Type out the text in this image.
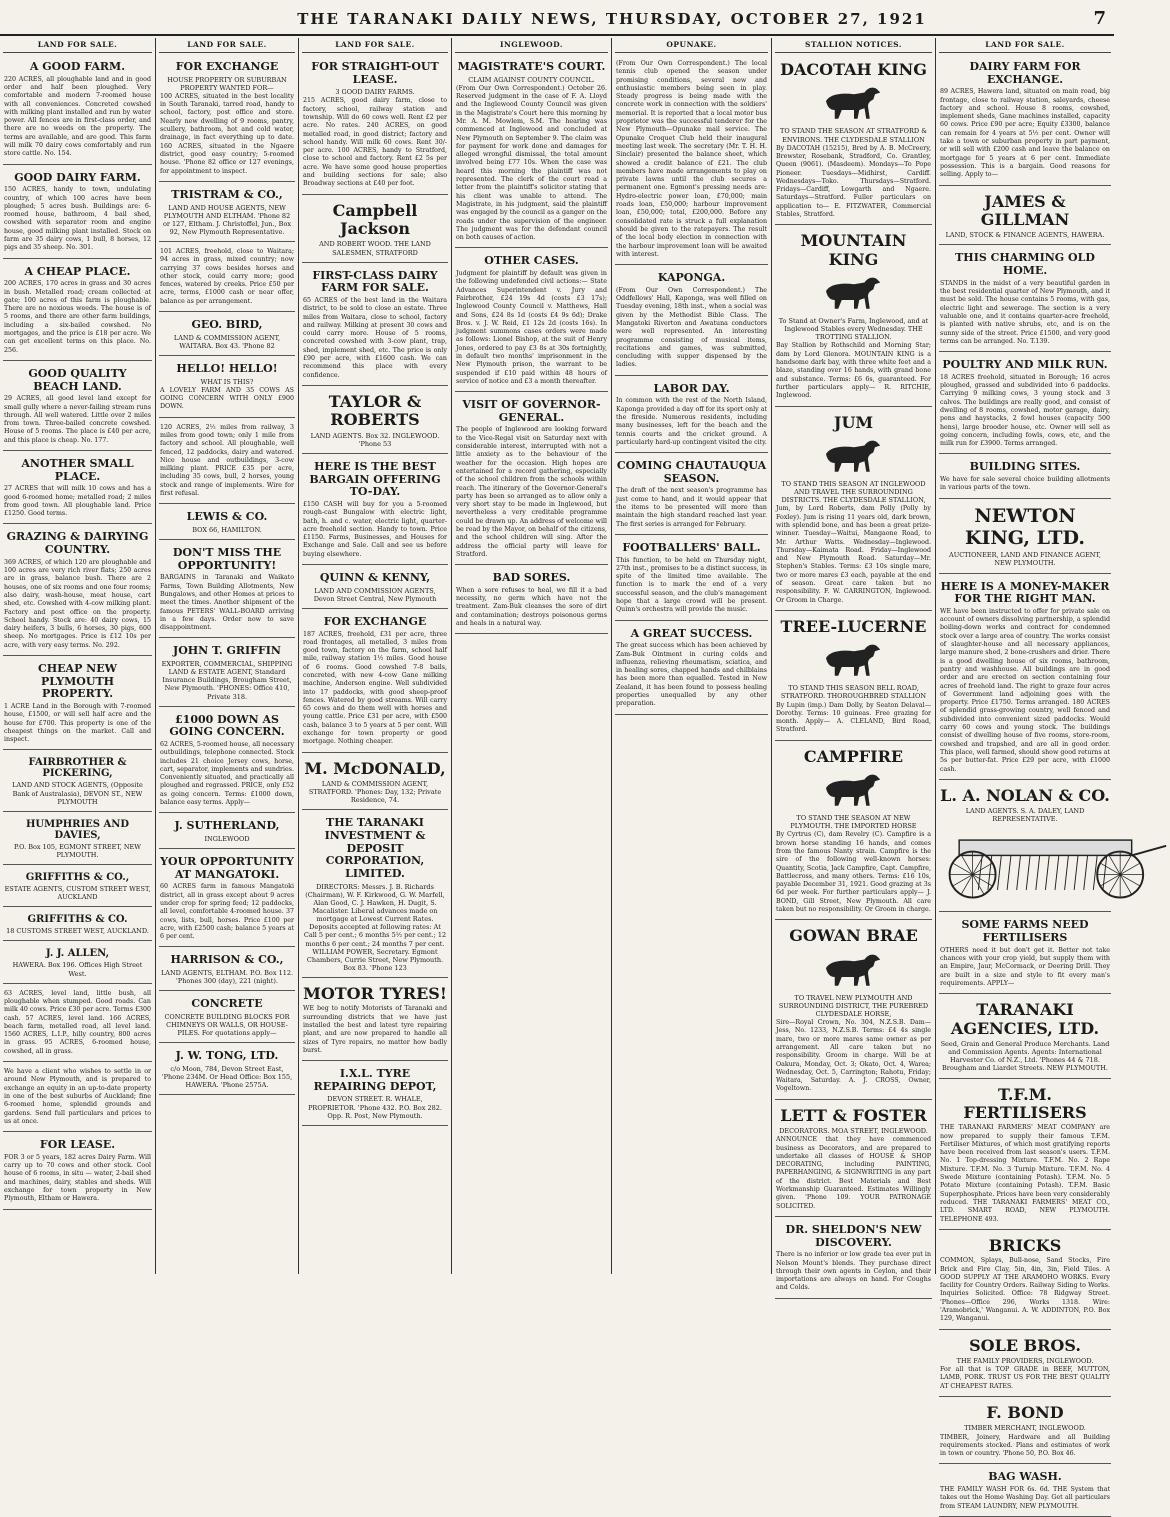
THE TARANAKI DAILY NEWS, THURSDAY, OCTOBER 27, 1921	7
LAND FOR SALE.
A GOOD FARM.
220 ACRES, all ploughable land and in good order and half been ploughed. Very comfortable and modern 7-roomed house with all conveniences. Concreted cowshed with milking plant installed and run by water power. All fences are in first-class order, and there are no weeds on the property. The terms are available, and are good. This farm will milk 70 dairy cows comfortably and run store cattle. No. 154.
GOOD DAIRY FARM.
150 ACRES, handy to town, undulating country, of which 100 acres have been ploughed; 5 acres bush. Buildings are: 6-roomed house, bathroom, 4 bail shed, cowshed with separator room and engine house, good milking plant installed. Stock on farm are 35 dairy cows, 1 bull, 8 horses, 12 pigs and 35 sheep. No. 301.
A CHEAP PLACE.
200 ACRES, 170 acres in grass and 30 acres in bush. Metalled road; cream collected at gate; 100 acres of this farm is ploughable. There are no noxious weeds. The house is of 5 rooms, and there are other farm buildings, including a six-bailed cowshed. No mortgages, and the price is £18 per acre. We can get excellent terms on this place. No. 256.
GOOD QUALITY BEACH LAND.
29 ACRES, all good level land except for small gully where a never-failing stream runs through. All well watered. Little over 2 miles from town. Three-bailed concrete cowshed. House of 5 rooms. The place is £40 per acre, and this place is cheap. No. 177.
ANOTHER SMALL PLACE.
27 ACRES that will milk 10 cows and has a good 6-roomed home; metalled road; 2 miles from good town. All ploughable land. Price £1250. Good terms.
GRAZING & DAIRYING COUNTRY.
369 ACRES, of which 120 are ploughable and 100 acres are very rich river flats; 250 acres are in grass, balance bush. There are 2 houses, one of six rooms and one four rooms; also dairy, wash-house, meat house, cart shed, etc. Cowshed with 4-cow milking plant. Factory and post office on the property. School handy. Stock are: 40 dairy cows, 15 dairy heifers, 3 bulls, 6 horses, 30 pigs, 600 sheep. No mortgages. Price is £12 10s per acre, with very easy terms. No. 292.
CHEAP NEW PLYMOUTH PROPERTY.
1 ACRE Land in the Borough with 7-roomed house, £1500, or will sell half acre and the house for £700. This property is one of the cheapest things on the market. Call and inspect.
FAIRBROTHER & PICKERING,
LAND AND STOCK AGENTS, (Opposite Bank of Australasia), DEVON ST., NEW PLYMOUTH
HUMPHRIES AND DAVIES,
P.O. Box 105, EGMONT STREET, NEW PLYMOUTH.
GRIFFITHS & CO.,
ESTATE AGENTS, CUSTOM STREET WEST, AUCKLAND
GRIFFITHS & CO.
18 CUSTOMS STREET WEST, AUCKLAND.
J. J. ALLEN,
HAWERA. Box 196. Offices High Street West.
63 ACRES, level land, little bush, all ploughable when stumped. Good roads. Can milk 40 cows. Price £30 per acre. Terms £300 cash. 57 ACRES, level land. 166 ACRES, beach farm, metalled road, all level land. 1560 ACRES, L.I.P., hilly country, 800 acres in grass. 95 ACRES, 6-roomed house, cowshed, all in grass.
We have a client who wishes to settle in or around New Plymouth, and is prepared to exchange an equity in an up-to-date property in one of the best suburbs of Auckland; fine 6-roomed home, splendid grounds and gardens. Send full particulars and prices to us at once.
FOR LEASE.
FOR 3 or 5 years, 182 acres Dairy Farm. Will carry up to 70 cows and other stock. Cool house of 6 rooms, in situ — water, 2-bail shed and machines, dairy, stables and sheds. Will exchange for town property in New Plymouth, Eltham or Hawera.
LAND FOR SALE.
FOR EXCHANGE
HOUSE PROPERTY OR SUBURBAN PROPERTY WANTED FOR—
100 ACRES, situated in the best locality in South Taranaki, tarred road, handy to school, factory, post office and store. Nearly new dwelling of 9 rooms, pantry, scullery, bathroom, hot and cold water, drainage, in fact everything up to date. 160 ACRES, situated in the Ngaere district, good easy country; 5-roomed house. 'Phone 82 office or 127 evenings, for appointment to inspect.
TRISTRAM & CO.,
LAND AND HOUSE AGENTS, NEW PLYMOUTH AND ELTHAM. 'Phone 82 or 127, Eltham. J. Christoffel, Jun., Box 92, New Plymouth Representative.
101 ACRES, freehold, close to Waitara; 94 acres in grass, mixed country; now carrying 37 cows besides horses and other stock, could carry more; good fences, watered by creeks. Price £50 per acre, terms, £1000 cash or near offer, balance as per arrangement.
GEO. BIRD,
LAND & COMMISSION AGENT, WAITARA. Box 43. 'Phone 82
HELLO! HELLO!
WHAT IS THIS?
A LOVELY FARM AND 35 COWS AS GOING CONCERN WITH ONLY £900 DOWN.
120 ACRES, 2½ miles from railway, 3 miles from good town; only 1 mile from factory and school. All ploughable, well fenced, 12 paddocks, dairy and watered. Nice house and outbuildings, 3-cow milking plant. PRICE £35 per acre, including 35 cows, bull, 2 horses, young stock and range of implements. Wire for first refusal.
LEWIS & CO.
BOX 66, HAMILTON.
DON'T MISS THE OPPORTUNITY!
BARGAINS in Taranaki and Waikato Farms, Town Building Allotments, New Bungalows, and other Homes at prices to meet the times. Another shipment of the famous PETERS' WALL-BOARD arriving in a few days. Order now to save disappointment.
JOHN T. GRIFFIN
EXPORTER, COMMERCIAL, SHIPPING LAND & ESTATE AGENT, Standard Insurance Buildings, Brougham Street, New Plymouth. 'PHONES: Office 410, Private 318.
£1000 DOWN AS GOING CONCERN.
62 ACRES, 5-roomed house, all necessary outbuildings, telephone connected. Stock includes 21 choice Jersey cows, horse, cart, separator, implements and sundries. Conveniently situated, and practically all ploughed and regrassed. PRICE, only £52 as going concern. Terms: £1000 down, balance easy terms. Apply—
J. SUTHERLAND,
INGLEWOOD
YOUR OPPORTUNITY AT MANGATOKI.
60 ACRES farm in famous Mangatoki district, all in grass except about 9 acres under crop for spring feed; 12 paddocks, all level, comfortable 4-roomed house. 37 cows, lists, bull, horses. Price £100 per acre, with £2500 cash; balance 5 years at 6 per cent.
HARRISON & CO.,
LAND AGENTS, ELTHAM. P.O. Box 112. 'Phones 300 (day), 221 (night).
CONCRETE
CONCRETE BUILDING BLOCKS FOR CHIMNEYS OR WALLS, OR HOUSE-PILES. For quotations apply—
J. W. TONG, LTD.
c/o Moon, 784, Devon Street East, 'Phone 234M. Or Head Office: Box 155, HAWERA. 'Phone 2575A.
LAND FOR SALE.
FOR STRAIGHT-OUT LEASE.
3 GOOD DAIRY FARMS.
215 ACRES, good dairy farm, close to factory, school, railway station and township. Will do 60 cows well. Rent £2 per acre. No rates. 240 ACRES, on good metalled road, in good district; factory and school handy. Will milk 60 cows. Rent 30/- per acre. 100 ACRES, handy to Stratford, close to school and factory. Rent £2 5s per acre. We have some good house properties and building sections for sale; also Broadway sections at £40 per foot.
Campbell Jackson
AND ROBERT WOOD. THE LAND SALESMEN, STRATFORD
FIRST-CLASS DAIRY FARM FOR SALE.
65 ACRES of the best land in the Waitara district, to be sold to close an estate. Three miles from Waitara, close to school, factory and railway. Milking at present 30 cows and could carry more. House of 5 rooms, concreted cowshed with 3-cow plant, trap, shed, implement shed, etc. The price is only £90 per acre, with £1600 cash. We can recommend this place with every confidence.
TAYLOR & ROBERTS
LAND AGENTS. Box 32. INGLEWOOD. 'Phone 53
HERE IS THE BEST BARGAIN OFFERING TO-DAY.
£150 CASH will buy for you a 5-roomed rough-cast Bungalow with electric light, bath, h. and c. water, electric light, quarter-acre freehold section. Handy to town. Price £1150. Farms, Businesses, and Houses for Exchange and Sale. Call and see us before buying elsewhere.
QUINN & KENNY,
LAND AND COMMISSION AGENTS, Devon Street Central, New Plymouth
FOR EXCHANGE
187 ACRES, freehold, £31 per acre, three road frontages, all metalled, 3 miles from good town, factory on the farm, school half mile, railway station 1½ miles. Good house of 6 rooms. Good cowshed 7-8 bails, concreted, with new 4-cow Gane milking machine, Anderson engine. Well subdivided into 17 paddocks, with good sheep-proof fences. Watered by good streams. Will carry 65 cows and do them well with horses and young cattle. Price £31 per acre, with £500 cash, balance 3 to 5 years at 5 per cent. Will exchange for town property or good mortgage. Nothing cheaper.
M. McDONALD,
LAND & COMMISSION AGENT, STRATFORD. 'Phones: Day, 132; Private Residence, 74.
THE TARANAKI INVESTMENT & DEPOSIT CORPORATION, LIMITED.
DIRECTORS: Messrs. J. B. Richards (Chairman), W. F. Kirkwood, G. W. Marfell, Alan Good, C. J. Hawken, H. Dugit, S. Macalister. Liberal advances made on mortgage at Lowest Current Rates. Deposits accepted at following rates: At Call 5 per cent.; 6 months 5½ per cent.; 12 months 6 per cent.; 24 months 7 per cent. WILLIAM POWER, Secretary. Egmont Chambers, Currie Street, New Plymouth. Box 83. 'Phone 123
MOTOR TYRES!
WE beg to notify Motorists of Taranaki and surrounding districts that we have just installed the best and latest tyre repairing plant, and are now prepared to handle all sizes of Tyre repairs, no matter how badly burst.
I.X.L. TYRE REPAIRING DEPOT,
DEVON STREET. R. WHALE, PROPRIETOR. 'Phone 432. P.O. Box 282. Opp. R. Post, New Plymouth.
INGLEWOOD.
MAGISTRATE'S COURT.
CLAIM AGAINST COUNTY COUNCIL.
(From Our Own Correspondent.) October 26. Reserved judgment in the case of F. A. Lloyd and the Inglewood County Council was given in the Magistrate's Court here this morning by Mr. A. M. Mowlem, S.M. The hearing was commenced at Inglewood and concluded at New Plymouth on September 9. The claim was for payment for work done and damages for alleged wrongful dismissal, the total amount involved being £77 10s. When the case was heard this morning the plaintiff was not represented. The clerk of the court read a letter from the plaintiff's solicitor stating that his client was unable to attend. The Magistrate, in his judgment, said the plaintiff was engaged by the council as a ganger on the roads under the supervision of the engineer. The judgment was for the defendant council on both causes of action.
OTHER CASES.
Judgment for plaintiff by default was given in the following undefended civil actions:— State Advances Superintendent v. Jury and Fairbrother, £24 19s 4d (costs £3 17s); Inglewood County Council v. Matthews, Hall and Sons, £24 8s 1d (costs £4 9s 6d); Drake Bros. v. J. W. Reid, £1 12s 2d (costs 16s). In judgment summons cases orders were made as follows: Lionel Bishop, at the suit of Henry Jones, ordered to pay £3 8s at 30s fortnightly, in default two months' imprisonment in the New Plymouth prison, the warrant to be suspended if £10 paid within 48 hours of service of notice and £3 a month thereafter.
VISIT OF GOVERNOR-GENERAL.
The people of Inglewood are looking forward to the Vice-Regal visit on Saturday next with considerable interest, interrupted with not a little anxiety as to the behaviour of the weather for the occasion. High hopes are entertained for a record gathering, especially of the school children from the schools within reach. The itinerary of the Governor-General's party has been so arranged as to allow only a very short stay to be made in Inglewood, but nevertheless a very creditable programme could be drawn up. An address of welcome will be read by the Mayor, on behalf of the citizens, and the school children will sing. After the address the official party will leave for Stratford.
BAD SORES.
When a sore refuses to heal, we fill it a bad necessity, no germ which have not the treatment. Zam-Buk cleanses the sore of dirt and contamination; destroys poisonous germs and heals in a natural way.
OPUNAKE.
(From Our Own Correspondent.) The local tennis club opened the season under promising conditions, several new and enthusiastic members being seen in play. Steady progress is being made with the concrete work in connection with the soldiers' memorial. It is reported that a local motor bus proprietor was the successful tenderer for the New Plymouth—Opunake mail service. The Opunake Croquet Club held their inaugural meeting last week. The secretary (Mr. T. H. H. Sinclair) presented the balance sheet, which showed a credit balance of £21. The club members have made arrangements to play on private lawns until the club secures a permanent one. Egmont's pressing needs are: Hydro-electric power loan, £70,000; main roads loan, £50,000; harbour improvement loan, £50,000; total, £200,000. Before any consolidated rate is struck a full explanation should be given to the ratepayers. The result of the local body election in connection with the harbour improvement loan will be awaited with interest.
KAPONGA.
(From Our Own Correspondent.) The Oddfellows' Hall, Kaponga, was well filled on Tuesday evening, 18th inst., when a social was given by the Methodist Bible Class. The Mangatoki Riverton and Awatuna conductors were well represented. An interesting programme consisting of musical items, recitations and games, was submitted, concluding with supper dispensed by the ladies.
LABOR DAY.
In common with the rest of the North Island, Kaponga provided a day off for its sport only at the fireside. Numerous residents, including many businesses, left for the beach and the tennis courts and the cricket ground. A particularly hard-up contingent visited the city.
COMING CHAUTAUQUA SEASON.
The draft of the next season's programme has just come to hand, and it would appear that the items to be presented will more than maintain the high standard reached last year. The first series is arranged for February.
FOOTBALLERS' BALL.
This function, to be held on Thursday night, 27th inst., promises to be a distinct success, in spite of the limited time available. The function is to mark the end of a very successful season, and the club's management hope that a large crowd will be present. Quinn's orchestra will provide the music.
A GREAT SUCCESS.
The great success which has been achieved by Zam-Buk Ointment in curing colds and influenza, relieving rheumatism, sciatica, and in healing sores, chapped hands and chilblains has been more than equalled. Tested in New Zealand, it has been found to possess healing properties unequalled by any other preparation.
STALLION NOTICES.
DACOTAH KING
TO STAND THE SEASON AT STRATFORD & ENVIRONS. THE CLYDESDALE STALLION
By DACOTAH (15215), Bred by A. B. McCreery, Brewster, Rosebank, Stradford, Co. Grantley, Queen (9061). (Masdeem). Mondays—To Pope Pioneer. Tuesdays—Midhirst, Cardiff. Wednesdays—Toko. Thursdays—Stratford. Fridays—Cardiff, Lowgarth and Ngaere. Saturdays—Stratford. Fuller particulars on application to— E. FITZWATER, Commercial Stables, Stratford.
MOUNTAIN KING
To Stand at Owner's Farm, Inglewood, and at Inglewood Stables every Wednesday. THE TROTTING STALLION.
Bay Stallion by Rothschild and Morning Star; dam by Lord Glenora. MOUNTAIN KING is a handsome dark bay, with three white feet and a blaze, standing over 16 hands, with grand bone and substance. Terms: £6 6s, guaranteed. For further particulars apply— R. RITCHIE, Inglewood.
JUM
TO STAND THIS SEASON AT INGLEWOOD AND TRAVEL THE SURROUNDING DISTRICTS. THE CLYDESDALE STALLION,
Jum, by Lord Roberts, dam Polly (Polly by Foxley). Jum is rising 11 years old, dark brown, with splendid bone, and has been a great prize-winner. Tuesday—Waitui, Mangaone Road, to Mr. Arthur Watts. Wednesday—Inglewood. Thursday—Kaimata Road. Friday—Inglewood and New Plymouth Road. Saturday—Mr. Stephen's Stables. Terms: £3 10s single mare, two or more mares £3 each, payable at the end of season. Great care taken but no responsibility. F. W. CARRINGTON, Inglewood. Or Groom in Charge.
TREE-LUCERNE
TO STAND THIS SEASON BELL ROAD, STRATFORD. THOROUGHBRED STALLION
By Lupin (imp.) Dam Dolly, by Seaton Delaval—Dorothy. Terms: 10 guineas. Free grazing for month. Apply— A. CLELAND, Bird Road, Stratford.
CAMPFIRE
TO STAND THE SEASON AT NEW PLYMOUTH. THE IMPORTED HORSE
By Cyrtrus (C), dam Revelry (C). Campfire is a brown horse standing 16 hands, and comes from the famous Nanty strain. Campfire is the sire of the following well-known horses: Quantity, Scotia, Jack Campfire, Capt. Campfire, Battlecross, and many others. Terms: £16 10s, payable December 31, 1921. Good grazing at 3s 6d per week. For further particulars apply— J. BOND, Gill Street, New Plymouth. All care taken but no responsibility. Or Groom in charge.
GOWAN BRAE
TO TRAVEL NEW PLYMOUTH AND SURROUNDING DISTRICT, THE PUREBRED CLYDESDALE HORSE,
Sire—Royal Crown, No. 304, N.Z.S.B. Dam—Jess, No. 1233, N.Z.S.B. Terms: £4 4s single mare, two or more mares same owner as per arrangement. All care taken but no responsibility. Groom in charge. Will be at Oakura, Monday, Oct. 3; Okato, Oct. 4, Warea; Wednesday, Oct. 5, Carrington; Rahotu, Friday; Waitara, Saturday. A. J. CROSS, Owner, Vogeltown.
LETT & FOSTER
DECORATORS. MOA STREET, INGLEWOOD.
ANNOUNCE that they have commenced business as Decorators, and are prepared to undertake all classes of HOUSE & SHOP DECORATING, including PAINTING, PAPERHANGING, & SIGNWRITING in any part of the district. Best Materials and Best Workmanship Guaranteed. Estimates Willingly given. 'Phone 109. YOUR PATRONAGE SOLICITED.
DR. SHELDON'S NEW DISCOVERY.
There is no inferior or low grade tea ever put in Nelson Mount's blends. They purchase direct through their own agents in Ceylon, and their importations are always on hand. For Coughs and Colds.
LAND FOR SALE.
DAIRY FARM FOR EXCHANGE.
89 ACRES, Hawera land, situated on main road, big frontage, close to railway station, saleyards, cheese factory and school. House 8 rooms, cowshed, implement sheds, Gane machines installed, capacity 60 cows. Price £90 per acre; Equity £3300, balance can remain for 4 years at 5½ per cent. Owner will take a town or suburban property in part payment, or will sell with £200 cash and leave the balance on mortgage for 5 years at 6 per cent. Immediate possession. This is a bargain. Good reasons for selling. Apply to—
JAMES & GILLMAN
LAND, STOCK & FINANCE AGENTS, HAWERA.
THIS CHARMING OLD HOME.
STANDS in the midst of a very beautiful garden in the best residential quarter of New Plymouth, and it must be sold. The house contains 5 rooms, with gas, electric light and sewerage. The section is a very valuable one, and it contains quarter-acre freehold, is planted with native shrubs, etc, and is on the sunny side of the street. Price £1500, and very good terms can be arranged. No. T.139.
POULTRY AND MILK RUN.
18 ACRES freehold, situated in Borough; 16 acres ploughed, grassed and subdivided into 6 paddocks. Carrying 9 milking cows, 3 young stock and 3 calves. The buildings are really good, and consist of dwelling of 8 rooms, cowshed, motor garage, dairy, pens and haystacks, 2 fowl houses (capacity 500 hens), large brooder house, etc. Owner will sell as going concern, including fowls, cows, etc, and the milk run for £3900. Terms arranged.
BUILDING SITES.
We have for sale several choice building allotments in various parts of the town.
NEWTON KING, LTD.
AUCTIONEER, LAND AND FINANCE AGENT, NEW PLYMOUTH.
HERE IS A MONEY-MAKER FOR THE RIGHT MAN.
WE have been instructed to offer for private sale on account of owners dissolving partnership, a splendid boiling-down works and contract for condemned stock over a large area of country. The works consist of slaughter-house and all necessary appliances, large manure shed, 2 bone-crushers and drier. There is a good dwelling house of six rooms, bathroom, pantry and washhouse. All buildings are in good order and are erected on section containing four acres of freehold land. The right to graze four acres of Government land adjoining goes with the property. Price £1750. Terms arranged. 180 ACRES of splendid grass-growing country, well fenced and subdivided into convenient sized paddocks. Would carry 60 cows and young stock. The buildings consist of dwelling house of five rooms, store-room, cowshed and trapshed, and are all in good order. This place, well farmed, should show good returns at 5s per butter-fat. Price £29 per acre, with £1000 cash.
L. A. NOLAN & CO.
LAND AGENTS. S. A. DALEY, LAND REPRESENTATIVE.
SOME FARMS NEED FERTILISERS
OTHERS need it but don't get it. Better not take chances with your crop yield, but supply them with an Empire, Jaur, McCormack, or Deering Drill. They are built in a size and style to fit every man's requirements. APPLY—
TARANAKI AGENCIES, LTD.
Seed, Grain and General Produce Merchants. Land and Commission Agents. Agents: International Harvester Co. of N.Z., Ltd. 'Phones 44 & 718. Brougham and Liardet Streets. NEW PLYMOUTH.
T.F.M. FERTILISERS
THE TARANAKI FARMERS' MEAT COMPANY are now prepared to supply their famous T.F.M. Fertiliser Mixtures, of which most gratifying reports have been received from last season's users. T.F.M. No. 1 Top-dressing Mixture. T.F.M. No. 2 Rape Mixture. T.F.M. No. 3 Turnip Mixture. T.F.M. No. 4 Swede Mixture (containing Potash). T.F.M. No. 5 Potato Mixture (containing Potash). T.F.M. Basic Superphosphate. Prices have been very considerably reduced. THE TARANAKI FARMERS' MEAT CO., LTD. SMART ROAD, NEW PLYMOUTH. TELEPHONE 493.
BRICKS
COMMON, Splays, Bull-nose, Sand Stocks, Fire Brick and Fire Clay, 5in, 4in, 3in, Field Tiles. A GOOD SUPPLY AT THE ARAMOHO WORKS. Every facility for Country Orders. Railway Siding to Works. Inquiries Solicited. Office: 78 Ridgway Street. 'Phones—Office 296, Works 1318. Wire: 'Aramobrick,' Wanganui. A. W. ADDINTON, P.O. Box 129, Wanganui.
SOLE BROS.
THE FAMILY PROVIDERS, INGLEWOOD.
For all that is TOP GRADE in BEEF, MUTTON, LAMB, PORK. TRUST US FOR THE BEST QUALITY AT CHEAPEST RATES.
F. BOND
TIMBER MERCHANT, INGLEWOOD.
TIMBER, Joinery, Hardware and all Building requirements stocked. Plans and estimates of work in town or country. 'Phone 50, P.O. Box 46.
BAG WASH.
THE FAMILY WASH FOR 6s. 6d. THE System that takes out the Home Washing Day. Get all particulars from STEAM LAUNDRY, NEW PLYMOUTH.
